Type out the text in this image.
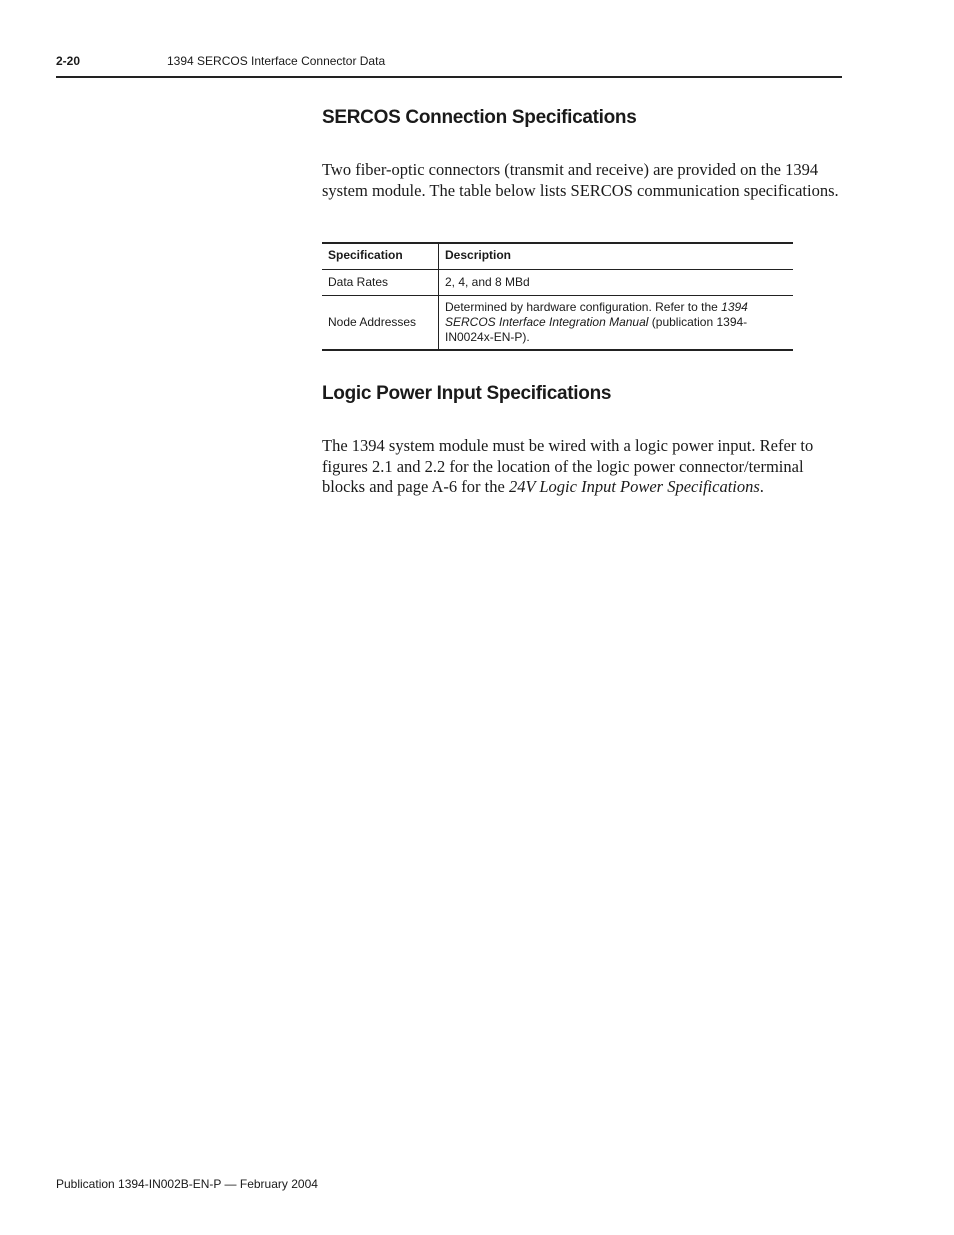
2-20	1394 SERCOS Interface Connector Data
SERCOS Connection Specifications

Two fiber-optic connectors (transmit and receive) are provided on the 1394 system module. The table below lists SERCOS communication specifications.

Specification	Description
Data Rates	2, 4, and 8 MBd
Node Addresses	Determined by hardware configuration. Refer to the 1394 SERCOS Interface Integration Manual (publication 1394-IN0024x-EN-P).
Logic Power Input Specifications

The 1394 system module must be wired with a logic power input. Refer to figures 2.1 and 2.2 for the location of the logic power connector/terminal blocks and page A-6 for the 24V Logic Input Power Specifications.

Publication 1394-IN002B-EN-P — February 2004
